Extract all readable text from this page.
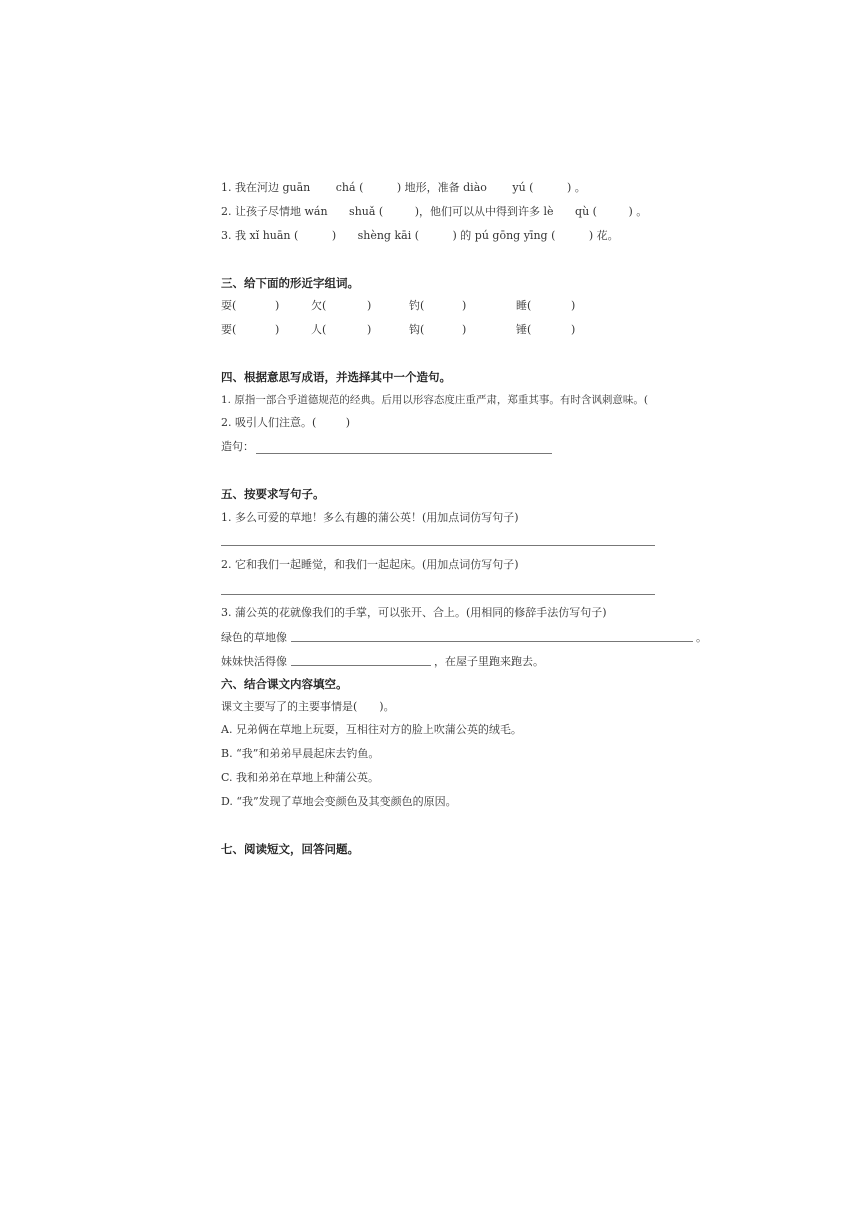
1. 我在河边 guān chá (	) 地形，准备 diào yú (	) 。
2. 让孩子尽情地 wán shuǎ (	)，他们可以从中得到许多 lè qù (	) 。
3. 我 xǐ huān (	) shèng kāi (	) 的 pú gōng yīng (	) 花。
三、给下面的形近字组词。
耍(	)	欠(	)	钓(	)	睡(	)
要(	)	人(	)	钩(	)	锤(	)
四、根据意思写成语，并选择其中一个造句。
1. 原指一部合乎道德规范的经典。后用以形容态度庄重严肃，郑重其事。有时含讽刺意味。(
2. 吸引人们注意。(	)
造句：
五、按要求写句子。
1. 多么可爱的草地！多么有趣的蒲公英！(用加点词仿写句子)
2. 它和我们一起睡觉，和我们一起起床。(用加点词仿写句子)
3. 蒲公英的花就像我们的手掌，可以张开、合上。(用相同的修辞手法仿写句子)
绿色的草地像	。
妹妹快活得像	，在屋子里跑来跑去。
六、结合课文内容填空。
课文主要写了的主要事情是(　　)。
A. 兄弟俩在草地上玩耍，互相往对方的脸上吹蒲公英的绒毛。
B. “我”和弟弟早晨起床去钓鱼。
C. 我和弟弟在草地上种蒲公英。
D. “我”发现了草地会变颜色及其变颜色的原因。
七、阅读短文，回答问题。
